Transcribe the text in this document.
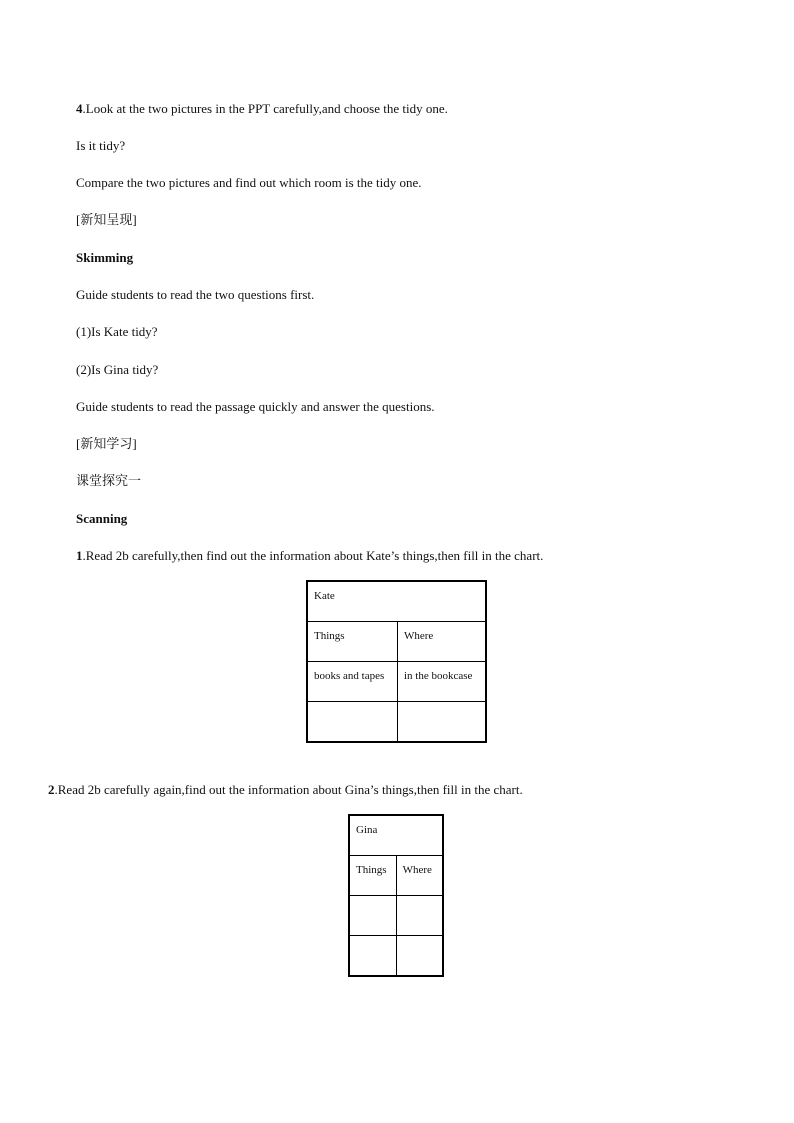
4.Look at the two pictures in the PPT carefully,and choose the tidy one.
Is it tidy?
Compare the two pictures and find out which room is the tidy one.
[新知呈现]
Skimming
Guide students to read the two questions first.
(1)Is Kate tidy?
(2)Is Gina tidy?
Guide students to read the passage quickly and answer the questions.
[新知学习]
课堂探究一
Scanning
1.Read 2b carefully,then find out the information about Kate’s things,then fill in the chart.
Kate	
Things	Where
books and tapes	in the bookcase

2.Read 2b carefully again,find out the information about Gina’s things,then fill in the chart.
Gina	
Things	Where
